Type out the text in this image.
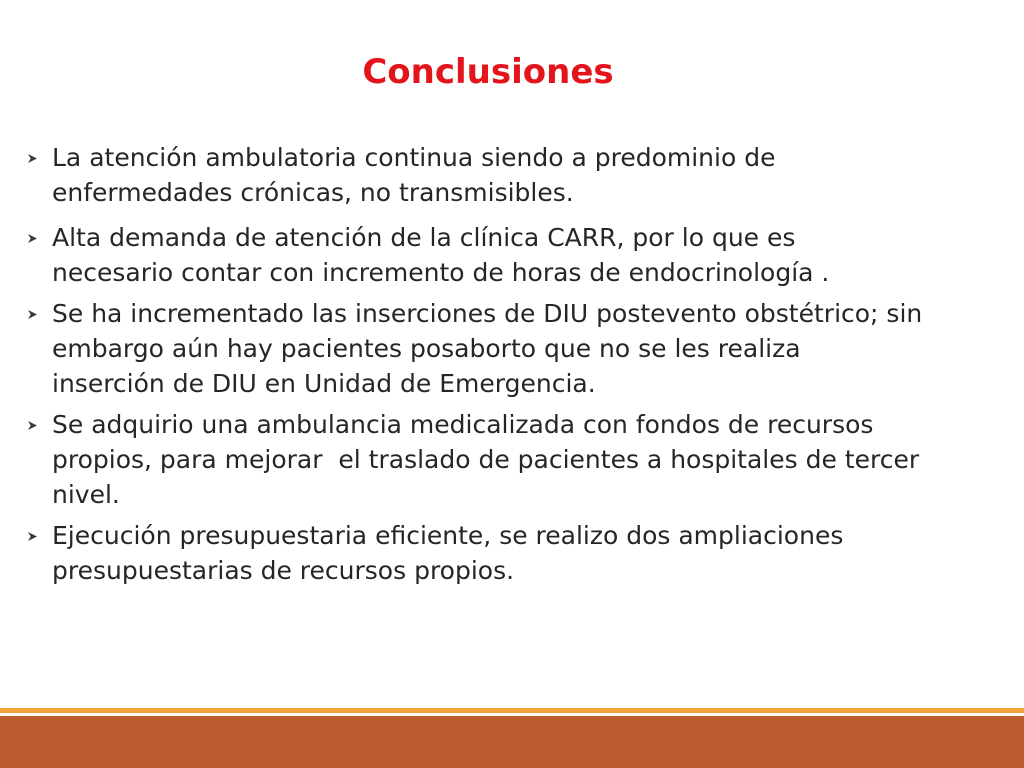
Conclusiones
La atención ambulatoria continua siendo a predominio de
enfermedades crónicas, no transmisibles.
Alta demanda de atención de la clínica CARR, por lo que es
necesario contar con incremento de horas de endocrinología .
Se ha incrementado las inserciones de DIU postevento obstétrico; sin
embargo aún hay pacientes posaborto que no se les realiza
inserción de DIU en Unidad de Emergencia.
Se adquirio una ambulancia medicalizada con fondos de recursos
propios, para mejorar  el traslado de pacientes a hospitales de tercer
nivel.
Ejecución presupuestaria eficiente, se realizo dos ampliaciones
presupuestarias de recursos propios.
